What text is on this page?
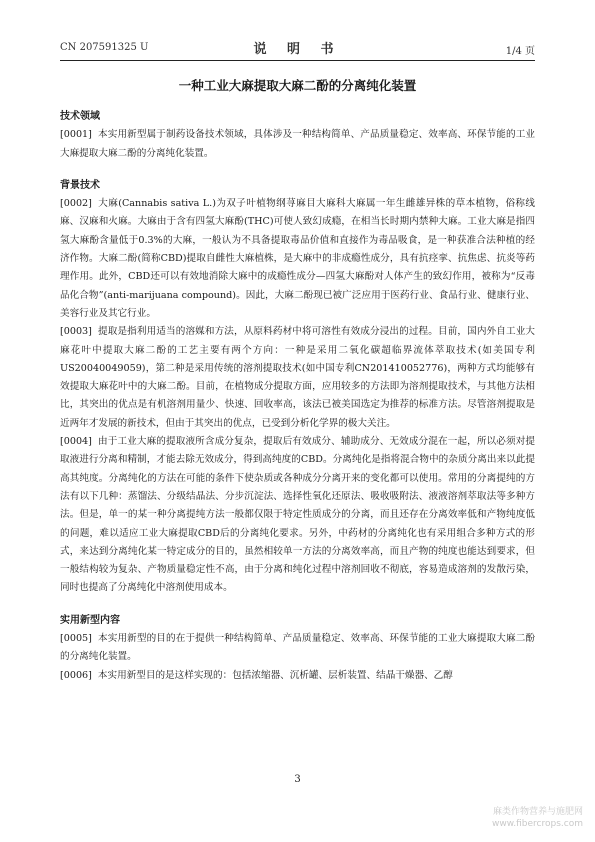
CN 207591325 U	说 明 书	1/4 页
一种工业大麻提取大麻二酚的分离纯化装置
技术领域

[0001] 本实用新型属于制药设备技术领域，具体涉及一种结构简单、产品质量稳定、效率高、环保节能的工业大麻提取大麻二酚的分离纯化装置。

背景技术

[0002] 大麻(Cannabis sativa L.)为双子叶植物纲荨麻目大麻科大麻属一年生雌雄异株的草本植物，俗称线麻、汉麻和火麻。大麻由于含有四氢大麻酚(THC)可使人致幻成瘾，在相当长时期内禁种大麻。工业大麻是指四氢大麻酚含量低于0.3%的大麻，一般认为不具备提取毒品价值和直接作为毒品吸食，是一种获准合法种植的经济作物。大麻二酚(简称CBD)提取自雌性大麻植株，是大麻中的非成瘾性成分，具有抗痉挛、抗焦虑、抗炎等药理作用。此外，CBD还可以有效地消除大麻中的成瘾性成分—四氢大麻酚对人体产生的致幻作用，被称为“反毒品化合物”(anti-marijuana compound)。因此，大麻二酚现已被广泛应用于医药行业、食品行业、健康行业、美容行业及其它行业。

[0003] 提取是指利用适当的溶媒和方法，从原料药材中将可溶性有效成分浸出的过程。目前，国内外自工业大麻花叶中提取大麻二酚的工艺主要有两个方向：一种是采用二氧化碳超临界流体萃取技术(如美国专利US20040049059)，第二种是采用传统的溶剂提取技术(如中国专利CN201410052776)，两种方式均能够有效提取大麻花叶中的大麻二酚。目前，在植物成分提取方面，应用较多的方法即为溶剂提取技术，与其他方法相比，其突出的优点是有机溶剂用量少、快速、回收率高，该法已被美国选定为推荐的标准方法。尽管溶剂提取是近两年才发展的新技术，但由于其突出的优点，已受到分析化学界的极大关注。

[0004] 由于工业大麻的提取液所含成分复杂，提取后有效成分、辅助成分、无效成分混在一起，所以必须对提取液进行分离和精制，才能去除无效成分，得到高纯度的CBD。分离纯化是指将混合物中的杂质分离出来以此提高其纯度。分离纯化的方法在可能的条件下使杂质或各种成分分离开来的变化都可以使用。常用的分离提纯的方法有以下几种：蒸馏法、分级结晶法、分步沉淀法、选择性氧化还原法、吸收吸附法、液液溶剂萃取法等多种方法。但是，单一的某一种分离提纯方法一般都仅限于特定性质成分的分离，而且还存在分离效率低和产物纯度低的问题，难以适应工业大麻提取CBD后的分离纯化要求。另外，中药材的分离纯化也有采用组合多种方式的形式，来达到分离纯化某一特定成分的目的，虽然相较单一方法的分离效率高，而且产物的纯度也能达到要求，但一般结构较为复杂、产物质量稳定性不高，由于分离和纯化过程中溶剂回收不彻底，容易造成溶剂的发散污染，同时也提高了分离纯化中溶剂使用成本。

实用新型内容

[0005] 本实用新型的目的在于提供一种结构简单、产品质量稳定、效率高、环保节能的工业大麻提取大麻二酚的分离纯化装置。

[0006] 本实用新型目的是这样实现的：包括浓缩器、沉析罐、层析装置、结晶干燥器、乙醇

3
麻类作物营养与施肥网
www.fibercrops.com
